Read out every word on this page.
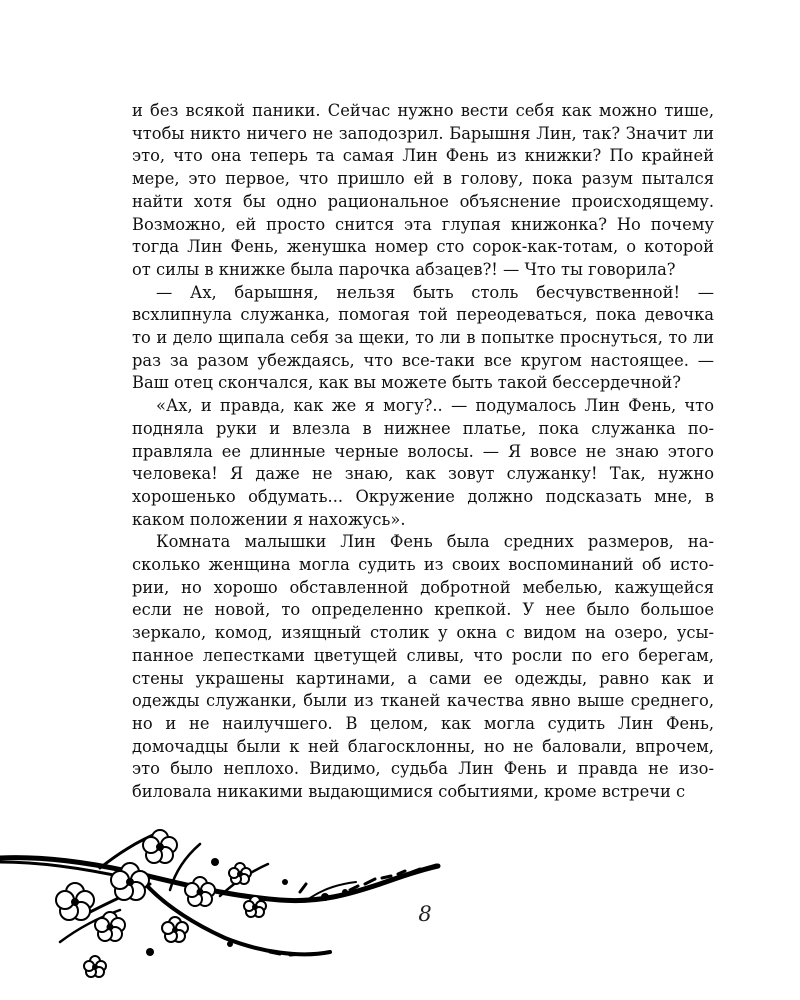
и без всякой паники. Сейчас нужно вести себя как можно тише, чтобы никто ничего не заподозрил. Барышня Лин, так? Значит ли это, что она теперь та самая Лин Фень из книжки? По крайней мере, это первое, что пришло ей в голову, пока разум пытался найти хотя бы одно рациональное объяснение происходящему. Возможно, ей просто снится эта глупая книжонка? Но почему тогда Лин Фень, женушка номер сто сорок-как-тотам, о которой от силы в книжке была парочка абзацев?! — Что ты говорила?

— Ах, барышня, нельзя быть столь бесчувственной! — всхлипнула служанка, помогая той переодеваться, пока девочка то и дело щипала себя за щеки, то ли в попытке проснуться, то ли раз за разом убеждаясь, что все-таки все кругом настоящее. — Ваш отец скончался, как вы можете быть такой бессердечной?

«Ах, и правда, как же я могу?.. — подумалось Лин Фень, что подняла руки и влезла в нижнее платье, пока служанка поправляла ее длинные черные волосы. — Я вовсе не знаю этого человека! Я даже не знаю, как зовут служанку! Так, нужно хорошенько обдумать... Окружение должно подсказать мне, в каком положении я нахожусь».

Комната малышки Лин Фень была средних размеров, насколько женщина могла судить из своих воспоминаний об истории, но хорошо обставленной добротной мебелью, кажущейся если не новой, то определенно крепкой. У нее было большое зеркало, комод, изящный столик у окна с видом на озеро, усыпанное лепестками цветущей сливы, что росли по его берегам, стены украшены картинами, а сами ее одежды, равно как и одежды служанки, были из тканей качества явно выше среднего, но и не наилучшего. В целом, как могла судить Лин Фень, домочадцы были к ней благосклонны, но не баловали, впрочем, это было неплохо. Видимо, судьба Лин Фень и правда не изобиловала никакими выдающимися событиями, кроме встречи с

8
